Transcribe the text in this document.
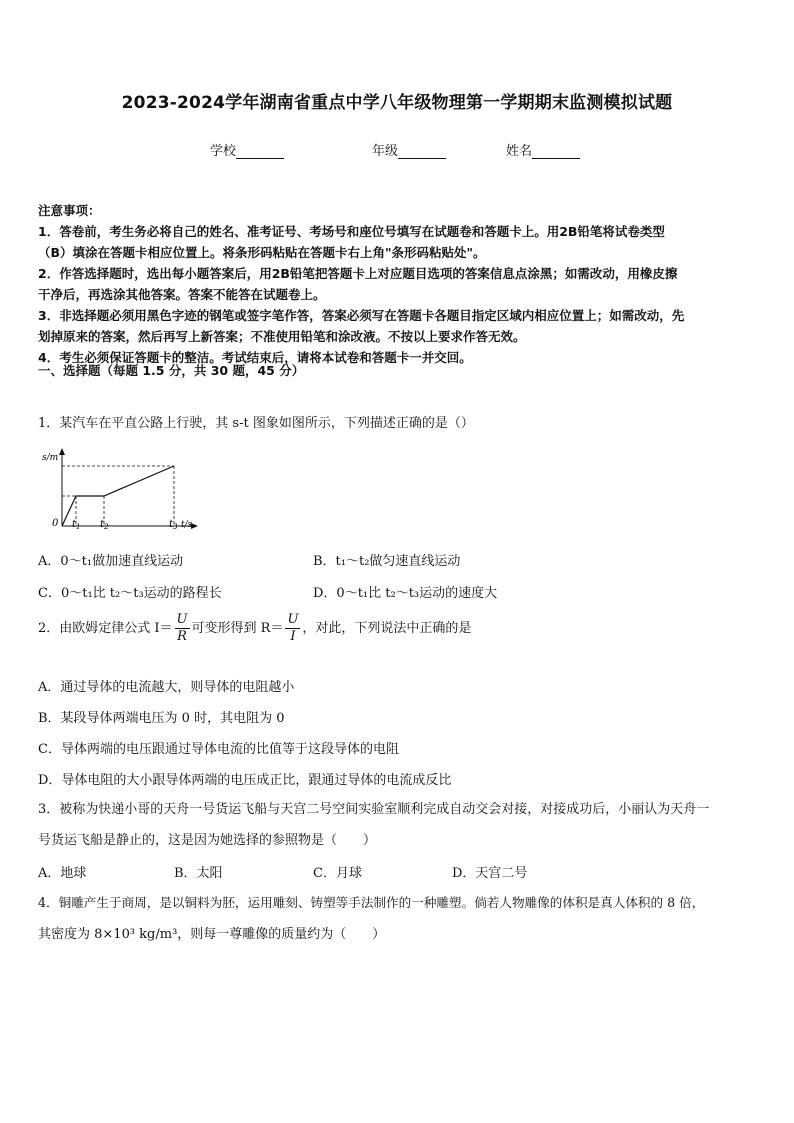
2023-2024学年湖南省重点中学八年级物理第一学期期末监测模拟试题
学校	年级	姓名
注意事项：
1．答卷前，考生务必将自己的姓名、准考证号、考场号和座位号填写在试题卷和答题卡上。用2B铅笔将试卷类型
（B）填涂在答题卡相应位置上。将条形码粘贴在答题卡右上角"条形码粘贴处"。
2．作答选择题时，选出每小题答案后，用2B铅笔把答题卡上对应题目选项的答案信息点涂黑；如需改动，用橡皮擦
干净后，再选涂其他答案。答案不能答在试题卷上。
3．非选择题必须用黑色字迹的钢笔或签字笔作答，答案必须写在答题卡各题目指定区域内相应位置上；如需改动，先
划掉原来的答案，然后再写上新答案；不准使用铅笔和涂改液。不按以上要求作答无效。
4．考生必须保证答题卡的整洁。考试结束后，请将本试卷和答题卡一并交回。
一、选择题（每题 1.5 分，共 30 题，45 分）
1．某汽车在平直公路上行驶，其 s-t 图象如图所示，下列描述正确的是（）
s/m
0 $t_1$ $t_2$	$t_3$ t/s
A．0～t₁做加速直线运动	B．t₁～t₂做匀速直线运动
C．0～t₁比 t₂～t₃运动的路程长	D．0～t₁比 t₂～t₃运动的速度大
2．由欧姆定律公式 $I= \frac{U}{R}$ 可变形得到 $R= \frac{U}{I}$ ，对此，下列说法中正确的是
A．通过导体的电流越大，则导体的电阻越小
B．某段导体两端电压为 0 时，其电阻为 0
C．导体两端的电压跟通过导体电流的比值等于这段导体的电阻
D．导体电阻的大小跟导体两端的电压成正比，跟通过导体的电流成反比
3．被称为快递小哥的天舟一号货运飞船与天宫二号空间实验室顺利完成自动交会对接，对接成功后，小丽认为天舟一
号货运飞船是静止的，这是因为她选择的参照物是（　　）
A．地球	B．太阳	C．月球	D．天宫二号
4．铜雕产生于商周，是以铜料为胚，运用雕刻、铸塑等手法制作的一种雕塑。倘若人物雕像的体积是真人体积的 8 倍，
其密度为 8×10³ kg/m³，则每一尊雕像的质量约为（　　）
